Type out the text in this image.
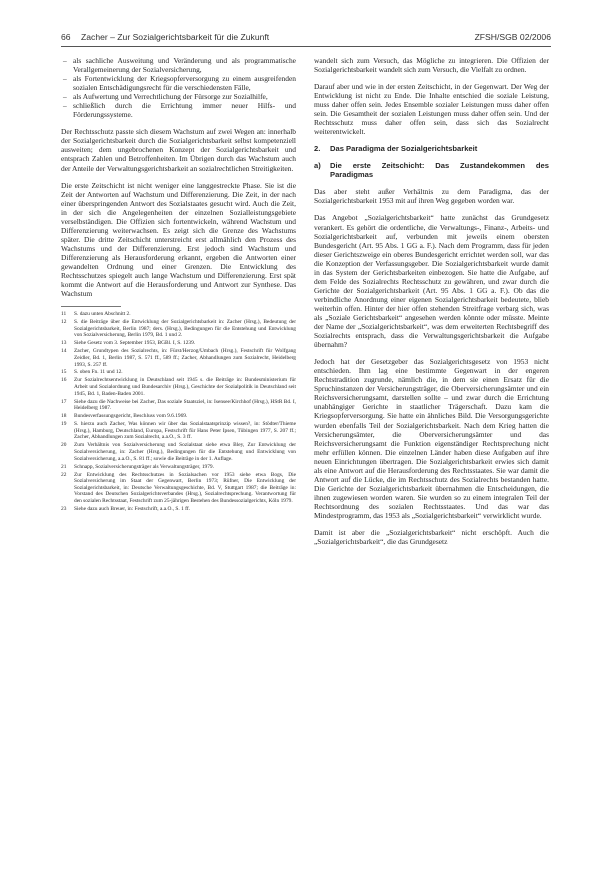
66 Zacher – Zur Sozialgerichtsbarkeit für die Zukunft	ZFSH/SGB 02/2006
– als sachliche Ausweitung und Veränderung und als programmatische Verallgemeinerung der Sozialversicherung,
– als Fortentwicklung der Kriegsopferversorgung zu einem ausgreifenden sozialen Entschädigungsrecht für die verschiedensten Fälle,
– als Aufwertung und Verrechtlichung der Fürsorge zur Sozialhilfe,
– schließlich durch die Errichtung immer neuer Hilfs- und Förderungssysteme.

Der Rechtsschutz passte sich diesem Wachstum auf zwei Wegen an: innerhalb der Sozialgerichtsbarkeit durch die Sozialgerichtsbarkeit selbst kompetenziell ausweiten; dem ungebrochenen Konzept der Sozialgerichtsbarkeit und entsprach Zahlen und Betroffenheiten. Im Übrigen durch das Wachstum auch der Anteile der Verwaltungsgerichtsbarkeit an sozialrechtlichen Streitigkeiten.

Die erste Zeitschicht ist nicht weniger eine langgestreckte Phase. Sie ist die Zeit der Antworten auf Wachstum und Differenzierung. Die Zeit, in der nach einer überspringenden Antwort des Sozialstaates gesucht wird. Auch die Zeit, in der sich die Angelegenheiten der einzelnen Sozialleistungsgebiete verselbständigen. Die Offizien sich fortentwickeln, während Wachstum und Differenzierung weiterwachsen. Es zeigt sich die Grenze des Wachstums später. Die dritte Zeitschicht unterstreicht erst allmählich den Prozess des Wachstums und der Differenzierung. Erst jedoch sind Wachstum und Differenzierung als Herausforderung erkannt, ergeben die Antworten einer gewandelten Ordnung und einer Grenzen. Die Entwicklung des Rechtsschutzes spiegelt auch lange Wachstum und Differenzierung. Erst spät kommt die Antwort auf die Herausforderung und Antwort zur Synthese. Das Wachstum

11	S. dazu unten Abschnitt 2.
12	S. die Beiträge über die Entwicklung der Sozialgerichtsbarkeit in: Zacher (Hrsg.), Bedeutung der Sozialgerichtsbarkeit, Berlin 1987; ders. (Hrsg.), Bedingungen für die Entstehung und Entwicklung von Sozialversicherung, Berlin 1979, Bd. 1 und 2.
13	Siehe Gesetz vom 3. September 1953, BGBl. I, S. 1239.
14	Zacher, Grundtypen des Sozialrechts, in: Fürst/Herzog/Umbach (Hrsg.), Festschrift für Wolfgang Zeidler, Bd. 1, Berlin 1987, S. 571 ff., 589 ff.; Zacher, Abhandlungen zum Sozialrecht, Heidelberg 1993, S. 257 ff.
15	S. oben Fn. 11 und 12.
16	Zur Sozialrechtsentwicklung in Deutschland seit 1945 s. die Beiträge in: Bundesministerium für Arbeit und Sozialordnung und Bundesarchiv (Hrsg.), Geschichte der Sozialpolitik in Deutschland seit 1945, Bd. 1, Baden-Baden 2001.
17	Siehe dazu die Nachweise bei Zacher, Das soziale Staatsziel, in: Isensee/Kirchhof (Hrsg.), HStR Bd. I, Heidelberg 1987.
18	Bundesverfassungsgericht, Beschluss vom 9.6.1969.
19	S. hierzu auch Zacher, Was können wir über das Sozialstaatsprinzip wissen?, in: Stödter/Thieme (Hrsg.), Hamburg, Deutschland, Europa, Festschrift für Hans Peter Ipsen, Tübingen 1977, S. 207 ff.; Zacher, Abhandlungen zum Sozialrecht, a.a.O., S. 3 ff.
20	Zum Verhältnis von Sozialversicherung und Sozialstaat siehe etwa Bley, Zur Entwicklung der Sozialversicherung, in: Zacher (Hrsg.), Bedingungen für die Entstehung und Entwicklung von Sozialversicherung, a.a.O., S. 81 ff.; sowie die Beiträge in der 1. Auflage.
21	Schnapp, Sozialversicherungsträger als Verwaltungsträger, 1979.
22	Zur Entwicklung des Rechtsschutzes in Sozialsachen vor 1953 siehe etwa Bogs, Die Sozialversicherung im Staat der Gegenwart, Berlin 1973; Rüfner, Die Entwicklung der Sozialgerichtsbarkeit, in: Deutsche Verwaltungsgeschichte, Bd. V, Stuttgart 1987; die Beiträge in: Vorstand des Deutschen Sozialgerichtsverbandes (Hrsg.), Sozialrechtsprechung. Verantwortung für den sozialen Rechtsstaat, Festschrift zum 25-jährigen Bestehen des Bundessozialgerichts, Köln 1979.
23	Siehe dazu auch Breuer, in: Festschrift, a.a.O., S. 1 ff.

wandelt sich zum Versuch, das Mögliche zu integrieren. Die Offizien der Sozialgerichtsbarkeit wandelt sich zum Versuch, die Vielfalt zu ordnen.

Darauf aber und wie in der ersten Zeitschicht, in der Gegenwart. Der Weg der Entwicklung ist nicht zu Ende. Die Inhalte entschied die soziale Leistung, muss daher offen sein. Jedes Ensemble sozialer Leistungen muss daher offen sein. Die Gesamtheit der sozialen Leistungen muss daher offen sein. Und der Rechtsschutz muss daher offen sein, dass sich das Sozialrecht weiterentwickelt.

2.	Das Paradigma der Sozialgerichtsbarkeit
a)	Die erste Zeitschicht: Das Zustandekommen des Paradigmas

Das aber steht außer Verhältnis zu dem Paradigma, das der Sozialgerichtsbarkeit 1953 mit auf ihren Weg gegeben worden war.

Das Angebot „Sozialgerichtsbarkeit“ hatte zunächst das Grundgesetz verankert. Es gehört die ordentliche, die Verwaltungs-, Finanz-, Arbeits- und Sozialgerichtsbarkeit auf, verbunden mit jeweils einem obersten Bundesgericht (Art. 95 Abs. 1 GG a. F.). Nach dem Programm, dass für jeden dieser Gerichtszweige ein oberes Bundesgericht errichtet werden soll, war das die Konzeption der Verfassungsgeber. Die Sozialgerichtsbarkeit wurde damit in das System der Gerichtsbarkeiten einbezogen. Sie hatte die Aufgabe, auf dem Felde des Sozialrechts Rechtsschutz zu gewähren, und zwar durch die Gerichte der Sozialgerichtsbarkeit (Art. 95 Abs. 1 GG a. F.). Ob das die verbindliche Anordnung einer eigenen Sozialgerichtsbarkeit bedeutete, blieb weiterhin offen. Hinter der hier offen stehenden Streitfrage verbarg sich, was als „Soziale Gerichtsbarkeit“ angesehen werden könnte oder müsste. Meinte der Name der „Sozialgerichtsbarkeit“, was dem erweiterten Rechtsbegriff des Sozialrechts entsprach, dass die Verwaltungsgerichtsbarkeit die Aufgabe übernahm?

Jedoch hat der Gesetzgeber das Sozialgerichtsgesetz von 1953 nicht entschieden. Ihm lag eine bestimmte Gegenwart in der engeren Rechtstradition zugrunde, nämlich die, in dem sie einen Ersatz für die Spruchinstanzen der Versicherungsträger, die Oberversicherungsämter und ein Reichsversicherungsamt, darstellen sollte – und zwar durch die Errichtung unabhängiger Gerichte in staatlicher Trägerschaft. Dazu kam die Kriegsopferversorgung. Sie hatte ein ähnliches Bild. Die Versorgungsgerichte wurden ebenfalls Teil der Sozialgerichtsbarkeit. Nach dem Krieg hatten die Versicherungsämter, die Oberversicherungsämter und das Reichsversicherungsamt die Funktion eigenständiger Rechtsprechung nicht mehr erfüllen können. Die einzelnen Länder haben diese Aufgaben auf ihre neuen Einrichtungen übertragen. Die Sozialgerichtsbarkeit erwies sich damit als eine Antwort auf die Herausforderung des Rechtsstaates. Sie war damit die Antwort auf die Lücke, die im Rechtsschutz des Sozialrechts bestanden hatte. Die Gerichte der Sozialgerichtsbarkeit übernahmen die Entscheidungen, die ihnen zugewiesen worden waren. Sie wurden so zu einem integralen Teil der Rechtsordnung des sozialen Rechtsstaates. Und das war das Mindestprogramm, das 1953 als „Sozialgerichtsbarkeit“ verwirklicht wurde.

Damit ist aber die „Sozialgerichtsbarkeit“ nicht erschöpft. Auch die „Sozialgerichtsbarkeit“, die das Grundgesetz
